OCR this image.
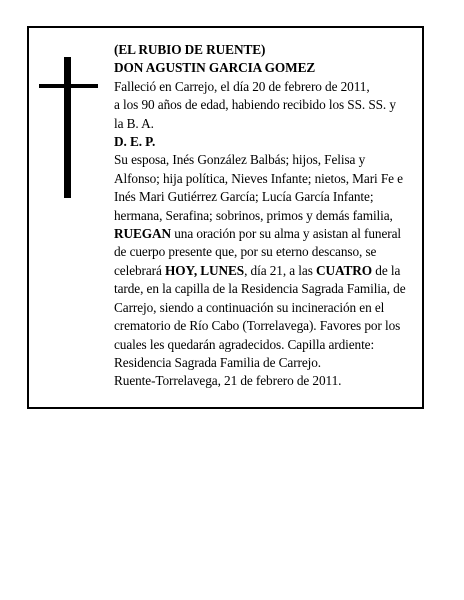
(EL RUBIO DE RUENTE)
DON AGUSTIN GARCIA GOMEZ
Falleció en Carrejo, el día 20 de febrero de 2011,
a los 90 años de edad, habiendo recibido los SS. SS. y
la B. A.
D. E. P.
Su esposa, Inés González Balbás; hijos, Felisa y
Alfonso; hija política, Nieves Infante; nietos, Mari Fe e
Inés Mari Gutiérrez García; Lucía García Infante;
hermana, Serafina; sobrinos, primos y demás familia,
RUEGAN una oración por su alma y asistan al funeral
de cuerpo presente que, por su eterno descanso, se
celebrará HOY, LUNES, día 21, a las CUATRO de la
tarde, en la capilla de la Residencia Sagrada Familia, de
Carrejo, siendo a continuación su incineración en el
crematorio de Río Cabo (Torrelavega). Favores por los
cuales les quedarán agradecidos. Capilla ardiente:
Residencia Sagrada Familia de Carrejo.
Ruente-Torrelavega, 21 de febrero de 2011.
